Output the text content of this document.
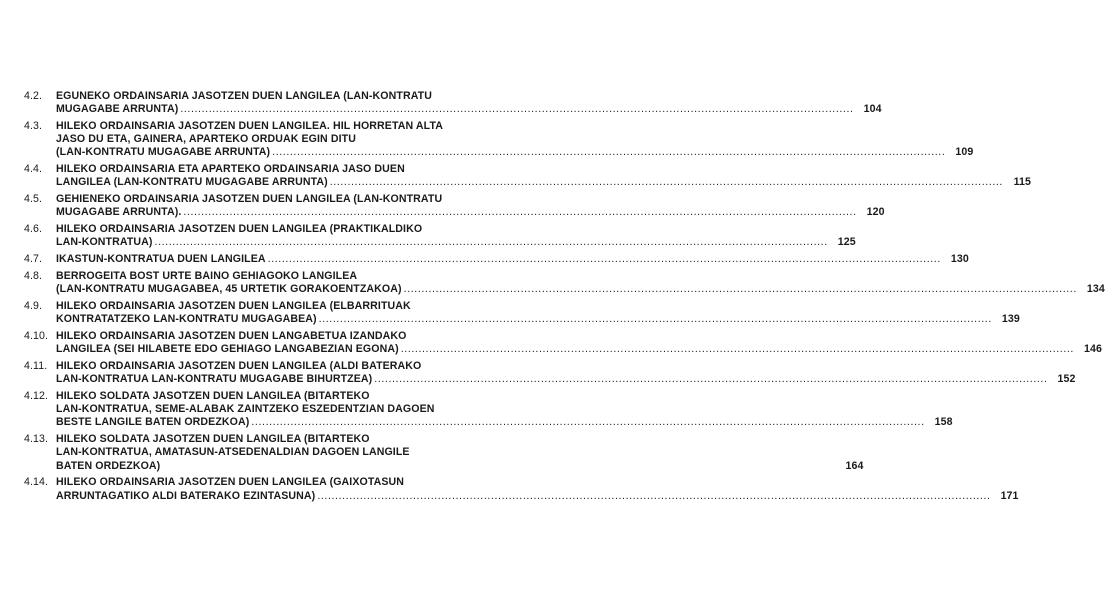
4.2.	EGUNEKO ORDAINSARIA JASOTZEN DUEN LANGILEA (LAN-KONTRATU
MUGAGABE ARRUNTA) .....	104
4.3.	HILEKO ORDAINSARIA JASOTZEN DUEN LANGILEA. HIL HORRETAN ALTA
JASO DU ETA, GAINERA, APARTEKO ORDUAK EGIN DITU
(LAN-KONTRATU MUGAGABE ARRUNTA) .....	109
4.4.	HILEKO ORDAINSARIA ETA APARTEKO ORDAINSARIA JASO DUEN
LANGILEA (LAN-KONTRATU MUGAGABE ARRUNTA) .....	115
4.5.	GEHIENEKO ORDAINSARIA JASOTZEN DUEN LANGILEA (LAN-KONTRATU
MUGAGABE ARRUNTA). .....	120
4.6.	HILEKO ORDAINSARIA JASOTZEN DUEN LANGILEA (PRAKTIKALDIKO
LAN-KONTRATUA) .....	125
4.7.	IKASTUN-KONTRATUA DUEN LANGILEA .....	130
4.8.	BERROGEITA BOST URTE BAINO GEHIAGOKO LANGILEA
(LAN-KONTRATU MUGAGABEA, 45 URTETIK GORAKOENTZAKOA) .....	134
4.9.	HILEKO ORDAINSARIA JASOTZEN DUEN LANGILEA (ELBARRITUAK
KONTRATATZEKO LAN-KONTRATU MUGAGABEA) .....	139
4.10. HILEKO ORDAINSARIA JASOTZEN DUEN LANGABETUA IZANDAKO
LANGILEA (SEI HILABETE EDO GEHIAGO LANGABEZIAN EGONA) .....	146
4.11. HILEKO ORDAINSARIA JASOTZEN DUEN LANGILEA (ALDI BATERAKO
LAN-KONTRATUA LAN-KONTRATU MUGAGABE BIHURTZEA) .....	152
4.12. HILEKO SOLDATA JASOTZEN DUEN LANGILEA (BITARTEKO
LAN-KONTRATUA, SEME-ALABAK ZAINTZEKO ESZEDENTZIAN DAGOEN
BESTE LANGILE BATEN ORDEZKOA) .....	158
4.13. HILEKO SOLDATA JASOTZEN DUEN LANGILEA (BITARTEKO
LAN-KONTRATUA, AMATASUN-ATSEDENALDIAN DAGOEN LANGILE
BATEN ORDEZKOA)	164
4.14. HILEKO ORDAINSARIA JASOTZEN DUEN LANGILEA (GAIXOTASUN
ARRUNTAGATIKO ALDI BATERAKO EZINTASUNA) .....	171
